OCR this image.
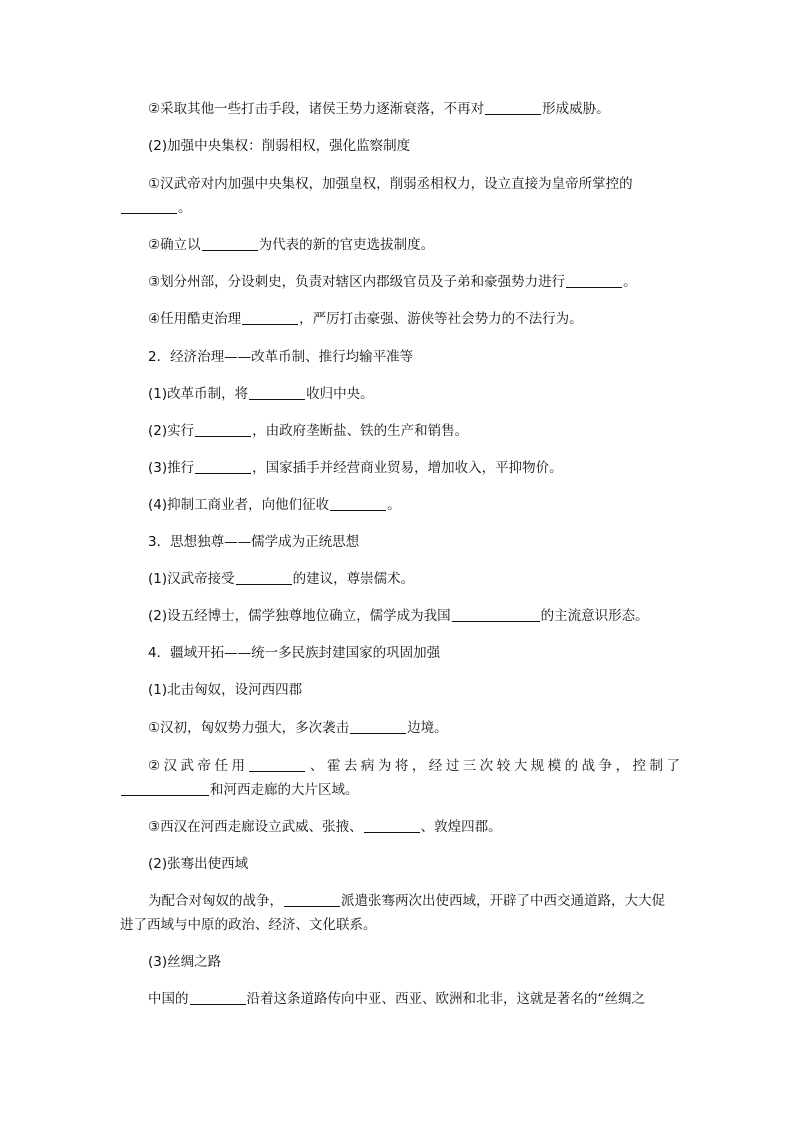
②采取其他一些打击手段，诸侯王势力逐渐衰落，不再对	形成威胁。
(2)加强中央集权：削弱相权，强化监察制度
①汉武帝对内加强中央集权，加强皇权，削弱丞相权力，设立直接为皇帝所掌控的
。
②确立以	为代表的新的官吏选拔制度。
③划分州部，分设刺史，负责对辖区内郡级官员及子弟和豪强势力进行	。
④任用酷吏治理	，严厉打击豪强、游侠等社会势力的不法行为。
2．经济治理——改革币制、推行均输平准等
(1)改革币制，将	收归中央。
(2)实行	，由政府垄断盐、铁的生产和销售。
(3)推行	，国家插手并经营商业贸易，增加收入，平抑物价。
(4)抑制工商业者，向他们征收	。
3．思想独尊——儒学成为正统思想
(1)汉武帝接受	的建议，尊崇儒术。
(2)设五经博士，儒学独尊地位确立，儒学成为我国	的主流意识形态。
4．疆域开拓——统一多民族封建国家的巩固加强
(1)北击匈奴，设河西四郡
①汉初，匈奴势力强大，多次袭击	边境。
②汉武帝任用	、霍去病为将，经过三次较大规模的战争，控制了
和河西走廊的大片区域。
③西汉在河西走廊设立武威、张掖、	、敦煌四郡。
(2)张骞出使西域
为配合对匈奴的战争，	派遣张骞两次出使西域，开辟了中西交通道路，大大促
进了西域与中原的政治、经济、文化联系。
(3)丝绸之路
中国的	沿着这条道路传向中亚、西亚、欧洲和北非，这就是著名的“丝绸之
